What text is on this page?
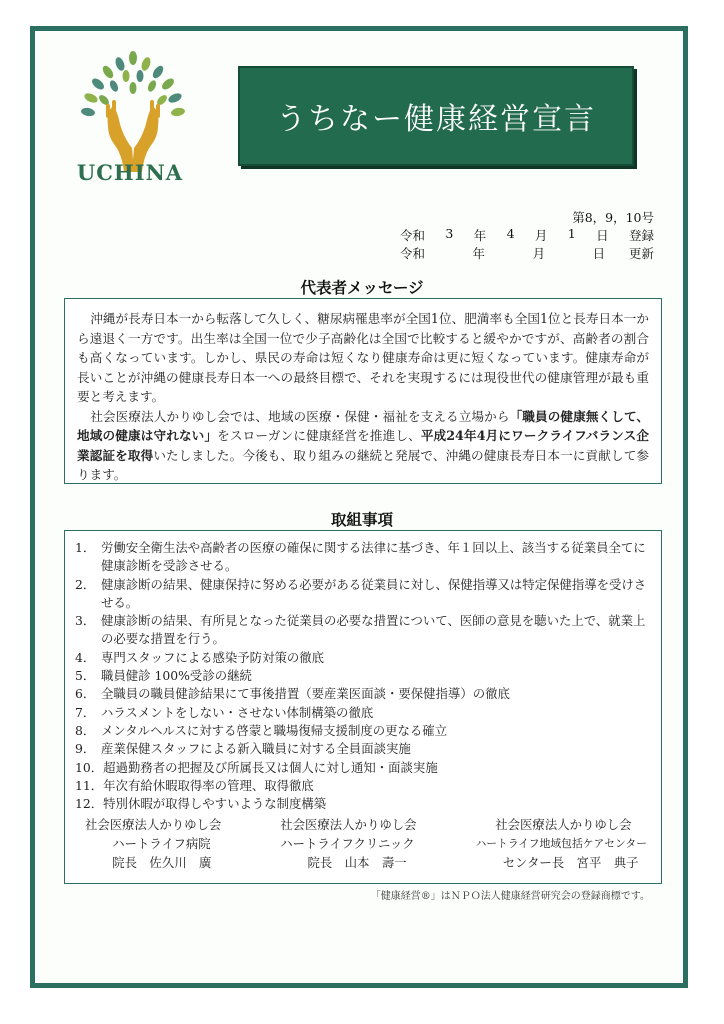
UCHINA
うちなー健康経営宣言
第8，9，10号
令和 3 年 4 月 1 日 登録
令和	年	月	日 更新
代表者メッセージ

沖縄が長寿日本一から転落して久しく、糖尿病罹患率が全国1位、肥満率も全国1位と長寿日本一から遠退く一方です。出生率は全国一位で少子高齢化は全国で比較すると緩やかですが、高齢者の割合も高くなっています。しかし、県民の寿命は短くなり健康寿命は更に短くなっています。健康寿命が長いことが沖縄の健康長寿日本一への最終目標で、それを実現するには現役世代の健康管理が最も重要と考えます。

社会医療法人かりゆし会では、地域の医療・保健・福祉を支える立場から「職員の健康無くして、地域の健康は守れない」をスローガンに健康経営を推進し、平成24年4月にワークライフバランス企業認証を取得いたしました。今後も、取り組みの継続と発展で、沖縄の健康長寿日本一に貢献して参ります。

取組事項
1． 労働安全衛生法や高齢者の医療の確保に関する法律に基づき、年１回以上、該当する従業員全てに健康診断を受診させる。
2． 健康診断の結果、健康保持に努める必要がある従業員に対し、保健指導又は特定保健指導を受けさせる。
3． 健康診断の結果、有所見となった従業員の必要な措置について、医師の意見を聴いた上で、就業上の必要な措置を行う。
4． 専門スタッフによる感染予防対策の徹底
5． 職員健診 100%受診の継続
6． 全職員の職員健診結果にて事後措置（要産業医面談・要保健指導）の徹底
7． ハラスメントをしない・させない体制構築の徹底
8． メンタルヘルスに対する啓蒙と職場復帰支援制度の更なる確立
9． 産業保健スタッフによる新入職員に対する全員面談実施
10． 超過勤務者の把握及び所属長又は個人に対し通知・面談実施
11． 年次有給休暇取得率の管理、取得徹底
12． 特別休暇が取得しやすいような制度構築
社会医療法人かりゆし会
ハートライフ病院
院長　佐久川　廣
社会医療法人かりゆし会
ハートライフクリニック
院長　山本　壽一
社会医療法人かりゆし会
ハートライフ地域包括ケアセンター
センター長　宮平　典子
「健康経営®」はＮＰＯ法人健康経営研究会の登録商標です。
